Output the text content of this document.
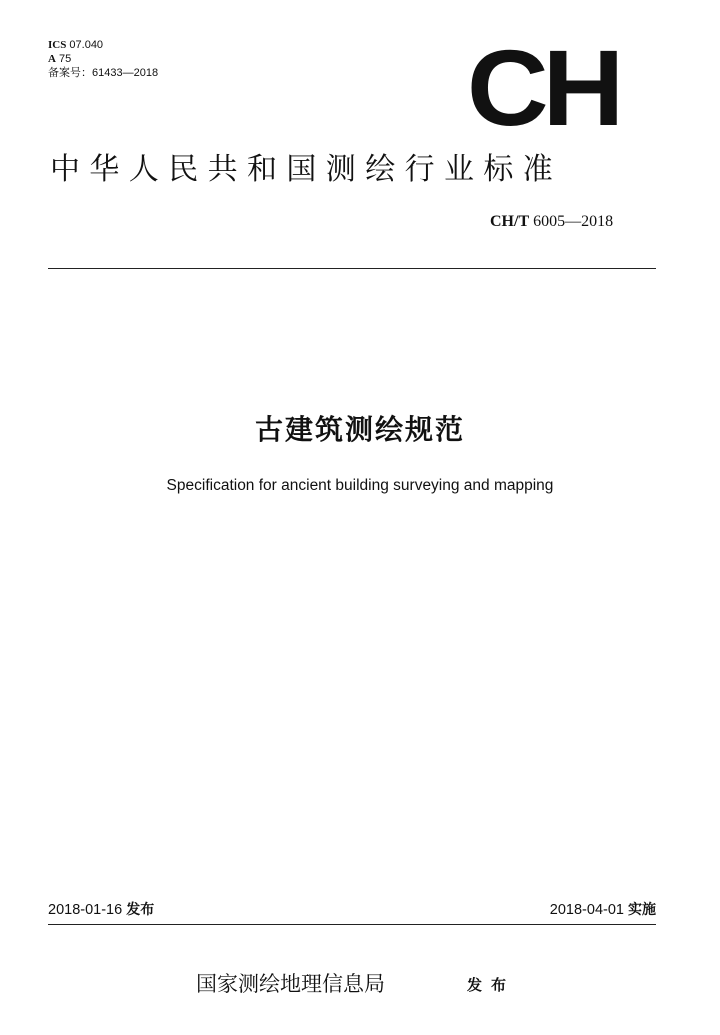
ICS 07.040
A 75
备案号：61433—2018	CH
中华人民共和国测绘行业标准
CH/T 6005—2018
古建筑测绘规范
Specification for ancient building surveying and mapping
2018-01-16 发布	2018-04-01 实施
国家测绘地理信息局	发布
